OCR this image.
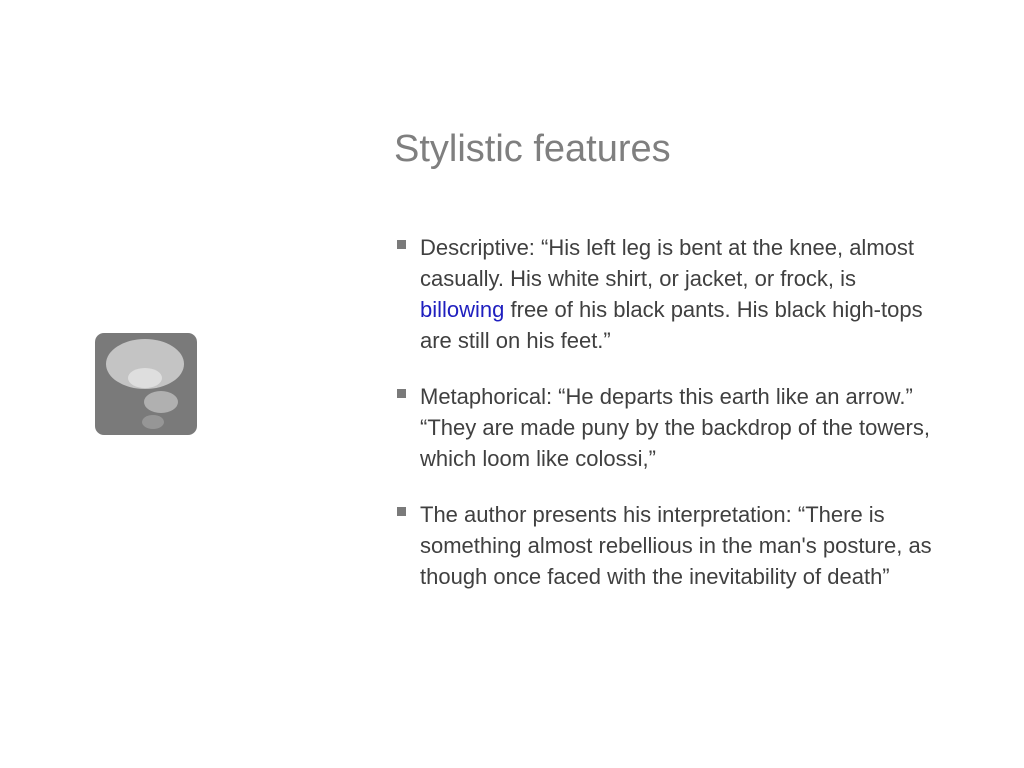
Stylistic features
Descriptive: “His left leg is bent at the knee, almost casually. His white shirt, or jacket, or frock, is billowing free of his black pants. His black high-tops are still on his feet.”
Metaphorical: “He departs this earth like an arrow.” “They are made puny by the backdrop of the towers, which loom like colossi,”
The author presents his interpretation: “There is something almost rebellious in the man's posture, as though once faced with the inevitability of death”
